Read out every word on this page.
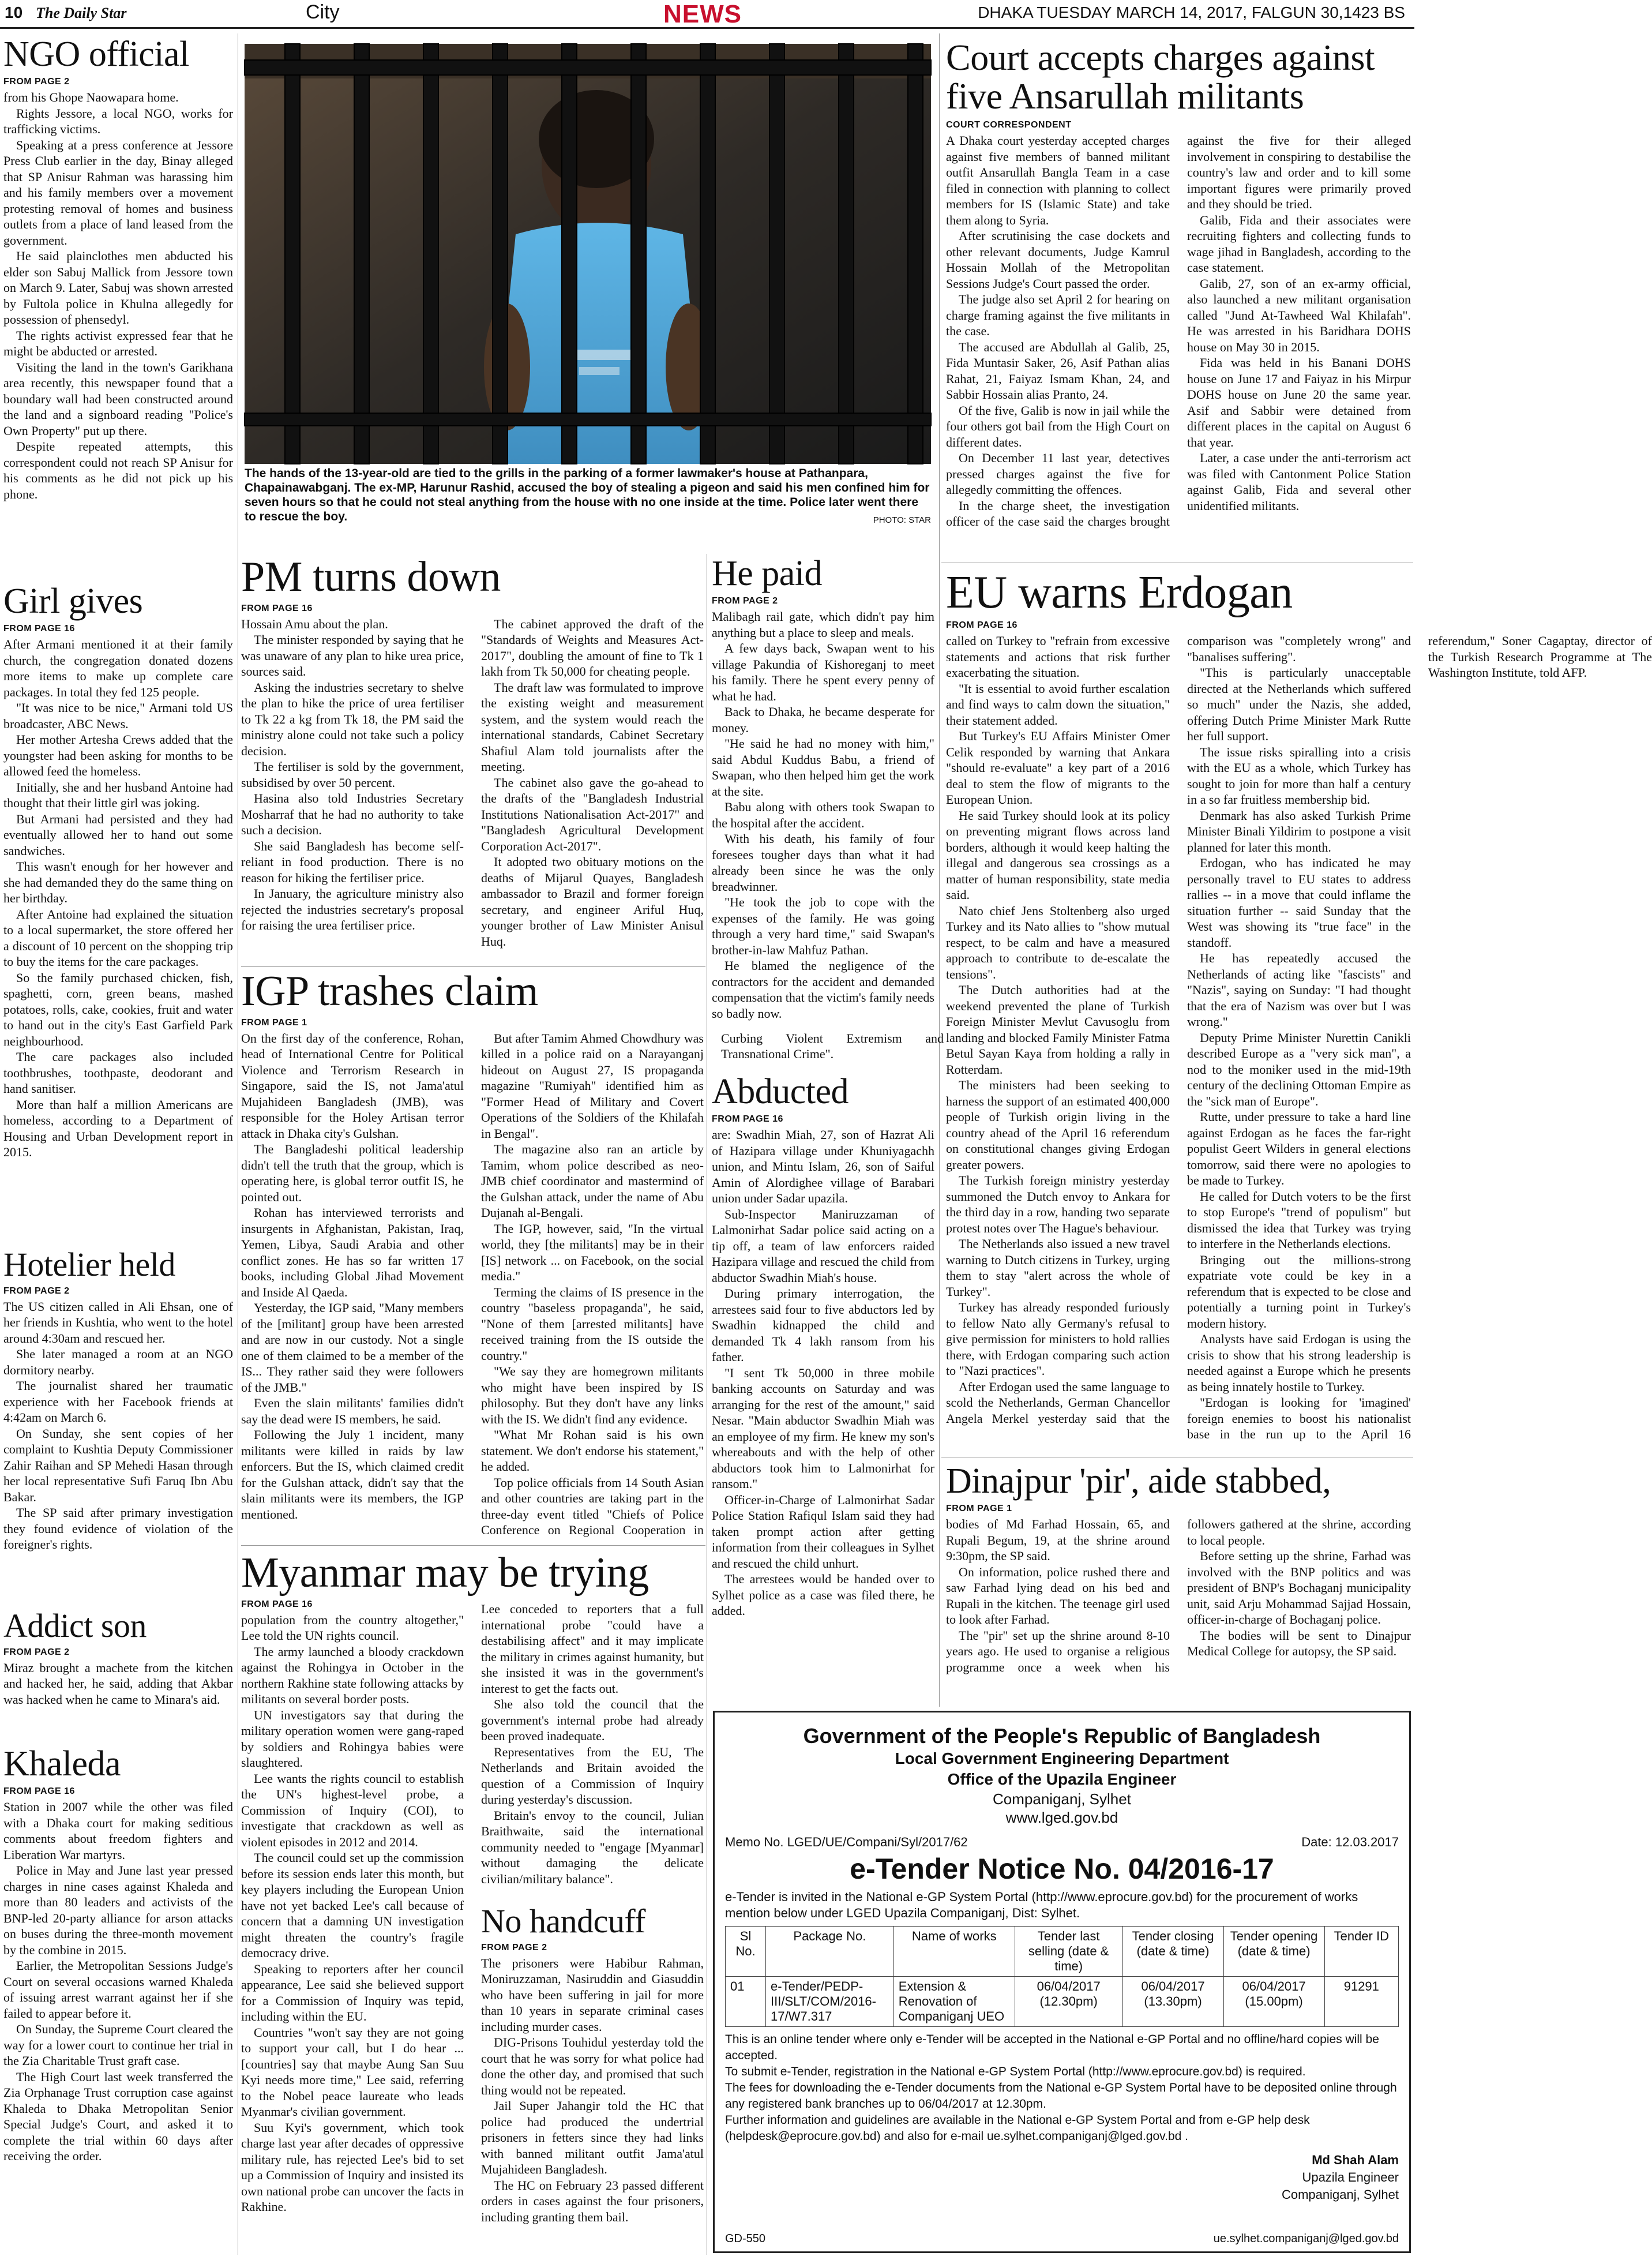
10 The Daily Star	City	NEWS	DHAKA TUESDAY MARCH 14, 2017, FALGUN 30,1423 BS
NGO official
FROM PAGE 2

from his Ghope Naowapara home.

Rights Jessore, a local NGO, works for trafficking victims.

Speaking at a press conference at Jessore Press Club earlier in the day, Binay alleged that SP Anisur Rahman was harassing him and his family members over a movement protesting removal of homes and business outlets from a place of land leased from the government.

He said plainclothes men abducted his elder son Sabuj Mallick from Jessore town on March 9. Later, Sabuj was shown arrested by Fultola police in Khulna allegedly for possession of phensedyl.

The rights activist expressed fear that he might be abducted or arrested.

Visiting the land in the town's Garikhana area recently, this newspaper found that a boundary wall had been constructed around the land and a signboard reading "Police's Own Property" put up there.

Despite repeated attempts, this correspondent could not reach SP Anisur for his comments as he did not pick up his phone.

Girl gives
FROM PAGE 16

After Armani mentioned it at their family church, the congregation donated dozens more items to make up complete care packages. In total they fed 125 people.

"It was nice to be nice," Armani told US broadcaster, ABC News.

Her mother Artesha Crews added that the youngster had been asking for months to be allowed feed the homeless.

Initially, she and her husband Antoine had thought that their little girl was joking.

But Armani had persisted and they had eventually allowed her to hand out some sandwiches.

This wasn't enough for her however and she had demanded they do the same thing on her birthday.

After Antoine had explained the situation to a local supermarket, the store offered her a discount of 10 percent on the shopping trip to buy the items for the care packages.

So the family purchased chicken, fish, spaghetti, corn, green beans, mashed potatoes, rolls, cake, cookies, fruit and water to hand out in the city's East Garfield Park neighbourhood.

The care packages also included toothbrushes, toothpaste, deodorant and hand sanitiser.

More than half a million Americans are homeless, according to a Department of Housing and Urban Development report in 2015.

Hotelier held
FROM PAGE 2

The US citizen called in Ali Ehsan, one of her friends in Kushtia, who went to the hotel around 4:30am and rescued her.

She later managed a room at an NGO dormitory nearby.

The journalist shared her traumatic experience with her Facebook friends at 4:42am on March 6.

On Sunday, she sent copies of her complaint to Kushtia Deputy Commissioner Zahir Raihan and SP Mehedi Hasan through her local representative Sufi Faruq Ibn Abu Bakar.

The SP said after primary investigation they found evidence of violation of the foreigner's rights.

Addict son
FROM PAGE 2

Miraz brought a machete from the kitchen and hacked her, he said, adding that Akbar was hacked when he came to Minara's aid.

Khaleda
FROM PAGE 16

Station in 2007 while the other was filed with a Dhaka court for making seditious comments about freedom fighters and Liberation War martyrs.

Police in May and June last year pressed charges in nine cases against Khaleda and more than 80 leaders and activists of the BNP-led 20-party alliance for arson attacks on buses during the three-month movement by the combine in 2015.

Earlier, the Metropolitan Sessions Judge's Court on several occasions warned Khaleda of issuing arrest warrant against her if she failed to appear before it.

On Sunday, the Supreme Court cleared the way for a lower court to continue her trial in the Zia Charitable Trust graft case.

The High Court last week transferred the Zia Orphanage Trust corruption case against Khaleda to Dhaka Metropolitan Senior Special Judge's Court, and asked it to complete the trial within 60 days after receiving the order.

The hands of the 13-year-old are tied to the grills in the parking of a former lawmaker's house at Pathanpara, Chapainawabganj. The ex-MP, Harunur Rashid, accused the boy of stealing a pigeon and said his men confined him for seven hours so that he could not steal anything from the house with no one inside at the time. Police later went there to rescue the boy.	PHOTO: STAR
PM turns down
FROM PAGE 16

Hossain Amu about the plan.

The minister responded by saying that he was unaware of any plan to hike urea price, sources said.

Asking the industries secretary to shelve the plan to hike the price of urea fertiliser to Tk 22 a kg from Tk 18, the PM said the ministry alone could not take such a policy decision.

The fertiliser is sold by the government, subsidised by over 50 percent.

Hasina also told Industries Secretary Mosharraf that he had no authority to take such a decision.

She said Bangladesh has become self-reliant in food production. There is no reason for hiking the fertiliser price.

In January, the agriculture ministry also rejected the industries secretary's proposal for raising the urea fertiliser price.

The cabinet approved the draft of the "Standards of Weights and Measures Act-2017", doubling the amount of fine to Tk 1 lakh from Tk 50,000 for cheating people.

The draft law was formulated to improve the existing weight and measurement system, and the system would reach the international standards, Cabinet Secretary Shafiul Alam told journalists after the meeting.

The cabinet also gave the go-ahead to the drafts of the "Bangladesh Industrial Institutions Nationalisation Act-2017" and "Bangladesh Agricultural Development Corporation Act-2017".

It adopted two obituary motions on the deaths of Mijarul Quayes, Bangladesh ambassador to Brazil and former foreign secretary, and engineer Ariful Huq, younger brother of Law Minister Anisul Huq.

IGP trashes claim
FROM PAGE 1

On the first day of the conference, Rohan, head of International Centre for Political Violence and Terrorism Research in Singapore, said the IS, not Jama'atul Mujahideen Bangladesh (JMB), was responsible for the Holey Artisan terror attack in Dhaka city's Gulshan.

The Bangladeshi political leadership didn't tell the truth that the group, which is operating here, is global terror outfit IS, he pointed out.

Rohan has interviewed terrorists and insurgents in Afghanistan, Pakistan, Iraq, Yemen, Libya, Saudi Arabia and other conflict zones. He has so far written 17 books, including Global Jihad Movement and Inside Al Qaeda.

Yesterday, the IGP said, "Many members of the [militant] group have been arrested and are now in our custody. Not a single one of them claimed to be a member of the IS... They rather said they were followers of the JMB."

Even the slain militants' families didn't say the dead were IS members, he said.

Following the July 1 incident, many militants were killed in raids by law enforcers. But the IS, which claimed credit for the Gulshan attack, didn't say that the slain militants were its members, the IGP mentioned.

But after Tamim Ahmed Chowdhury was killed in a police raid on a Narayanganj hideout on August 27, IS propaganda magazine "Rumiyah" identified him as "Former Head of Military and Covert Operations of the Soldiers of the Khilafah in Bengal".

The magazine also ran an article by Tamim, whom police described as neo-JMB chief coordinator and mastermind of the Gulshan attack, under the name of Abu Dujanah al-Bengali.

The IGP, however, said, "In the virtual world, they [the militants] may be in their [IS] network ... on Facebook, on the social media."

Terming the claims of IS presence in the country "baseless propaganda", he said, "None of them [arrested militants] have received training from the IS outside the country."

"We say they are homegrown militants who might have been inspired by IS philosophy. But they don't have any links with the IS. We didn't find any evidence.

"What Mr Rohan said is his own statement. We don't endorse his statement," he added.

Top police officials from 14 South Asian and other countries are taking part in the three-day event titled "Chiefs of Police Conference on Regional Cooperation in Curbing Violent Extremism and Transnational Crime".

Myanmar may be trying
FROM PAGE 16

population from the country altogether," Lee told the UN rights council.

The army launched a bloody crackdown against the Rohingya in October in the northern Rakhine state following attacks by militants on several border posts.

UN investigators say that during the military operation women were gang-raped by soldiers and Rohingya babies were slaughtered.

Lee wants the rights council to establish the UN's highest-level probe, a Commission of Inquiry (COI), to investigate that crackdown as well as violent episodes in 2012 and 2014.

The council could set up the commission before its session ends later this month, but key players including the European Union have not yet backed Lee's call because of concern that a damning UN investigation might threaten the country's fragile democracy drive.

Speaking to reporters after her council appearance, Lee said she believed support for a Commission of Inquiry was tepid, including within the EU.

Countries "won't say they are not going to support your call, but I do hear ... [countries] say that maybe Aung San Suu Kyi needs more time," Lee said, referring to the Nobel peace laureate who leads Myanmar's civilian government.

Suu Kyi's government, which took charge last year after decades of oppressive military rule, has rejected Lee's bid to set up a Commission of Inquiry and insisted its own national probe can uncover the facts in Rakhine.

Lee conceded to reporters that a full international probe "could have a destabilising affect" and it may implicate the military in crimes against humanity, but she insisted it was in the government's interest to get the facts out.

She also told the council that the government's internal probe had already been proved inadequate.

Representatives from the EU, The Netherlands and Britain avoided the question of a Commission of Inquiry during yesterday's discussion.

Britain's envoy to the council, Julian Braithwaite, said the international community needed to "engage [Myanmar] without damaging the delicate civilian/military balance".

No handcuff
FROM PAGE 2

The prisoners were Habibur Rahman, Moniruzzaman, Nasiruddin and Giasuddin who have been suffering in jail for more than 10 years in separate criminal cases including murder cases.

DIG-Prisons Touhidul yesterday told the court that he was sorry for what police had done the other day, and promised that such thing would not be repeated.

Jail Super Jahangir told the HC that police had produced the undertrial prisoners in fetters since they had links with banned militant outfit Jama'atul Mujahideen Bangladesh.

The HC on February 23 passed different orders in cases against the four prisoners, including granting them bail.

He paid
FROM PAGE 2

Malibagh rail gate, which didn't pay him anything but a place to sleep and meals.

A few days back, Swapan went to his village Pakundia of Kishoreganj to meet his family. There he spent every penny of what he had.

Back to Dhaka, he became desperate for money.

"He said he had no money with him," said Abdul Kuddus Babu, a friend of Swapan, who then helped him get the work at the site.

Babu along with others took Swapan to the hospital after the accident.

With his death, his family of four foresees tougher days than what it had already been since he was the only breadwinner.

"He took the job to cope with the expenses of the family. He was going through a very hard time," said Swapan's brother-in-law Mahfuz Pathan.

He blamed the negligence of the contractors for the accident and demanded compensation that the victim's family needs so badly now.

Abducted
FROM PAGE 16

are: Swadhin Miah, 27, son of Hazrat Ali of Hazipara village under Khuniyagachh union, and Mintu Islam, 26, son of Saiful Amin of Alordighee village of Barabari union under Sadar upazila.

Sub-Inspector Maniruzzaman of Lalmonirhat Sadar police said acting on a tip off, a team of law enforcers raided Hazipara village and rescued the child from abductor Swadhin Miah's house.

During primary interrogation, the arrestees said four to five abductors led by Swadhin kidnapped the child and demanded Tk 4 lakh ransom from his father.

"I sent Tk 50,000 in three mobile banking accounts on Saturday and was arranging for the rest of the amount," said Nesar. "Main abductor Swadhin Miah was an employee of my firm. He knew my son's whereabouts and with the help of other abductors took him to Lalmonirhat for ransom."

Officer-in-Charge of Lalmonirhat Sadar Police Station Rafiqul Islam said they had taken prompt action after getting information from their colleagues in Sylhet and rescued the child unhurt.

The arrestees would be handed over to Sylhet police as a case was filed there, he added.

Court accepts charges against five Ansarullah militants
COURT CORRESPONDENT

A Dhaka court yesterday accepted charges against five members of banned militant outfit Ansarullah Bangla Team in a case filed in connection with planning to collect members for IS (Islamic State) and take them along to Syria.

After scrutinising the case dockets and other relevant documents, Judge Kamrul Hossain Mollah of the Metropolitan Sessions Judge's Court passed the order.

The judge also set April 2 for hearing on charge framing against the five militants in the case.

The accused are Abdullah al Galib, 25, Fida Muntasir Saker, 26, Asif Pathan alias Rahat, 21, Faiyaz Ismam Khan, 24, and Sabbir Hossain alias Pranto, 24.

Of the five, Galib is now in jail while the four others got bail from the High Court on different dates.

On December 11 last year, detectives pressed charges against the five for allegedly committing the offences.

In the charge sheet, the investigation officer of the case said the charges brought against the five for their alleged involvement in conspiring to destabilise the country's law and order and to kill some important figures were primarily proved and they should be tried.

Galib, Fida and their associates were recruiting fighters and collecting funds to wage jihad in Bangladesh, according to the case statement.

Galib, 27, son of an ex-army official, also launched a new militant organisation called "Jund At-Tawheed Wal Khilafah". He was arrested in his Baridhara DOHS house on May 30 in 2015.

Fida was held in his Banani DOHS house on June 17 and Faiyaz in his Mirpur DOHS house on June 20 the same year. Asif and Sabbir were detained from different places in the capital on August 6 that year.

Later, a case under the anti-terrorism act was filed with Cantonment Police Station against Galib, Fida and several other unidentified militants.

EU warns Erdogan
FROM PAGE 16

called on Turkey to "refrain from excessive statements and actions that risk further exacerbating the situation.

"It is essential to avoid further escalation and find ways to calm down the situation," their statement added.

But Turkey's EU Affairs Minister Omer Celik responded by warning that Ankara "should re-evaluate" a key part of a 2016 deal to stem the flow of migrants to the European Union.

He said Turkey should look at its policy on preventing migrant flows across land borders, although it would keep halting the illegal and dangerous sea crossings as a matter of human responsibility, state media said.

Nato chief Jens Stoltenberg also urged Turkey and its Nato allies to "show mutual respect, to be calm and have a measured approach to contribute to de-escalate the tensions".

The Dutch authorities had at the weekend prevented the plane of Turkish Foreign Minister Mevlut Cavusoglu from landing and blocked Family Minister Fatma Betul Sayan Kaya from holding a rally in Rotterdam.

The ministers had been seeking to harness the support of an estimated 400,000 people of Turkish origin living in the country ahead of the April 16 referendum on constitutional changes giving Erdogan greater powers.

The Turkish foreign ministry yesterday summoned the Dutch envoy to Ankara for the third day in a row, handing two separate protest notes over The Hague's behaviour.

The Netherlands also issued a new travel warning to Dutch citizens in Turkey, urging them to stay "alert across the whole of Turkey".

Turkey has already responded furiously to fellow Nato ally Germany's refusal to give permission for ministers to hold rallies there, with Erdogan comparing such action to "Nazi practices".

After Erdogan used the same language to scold the Netherlands, German Chancellor Angela Merkel yesterday said that the comparison was "completely wrong" and "banalises suffering".

"This is particularly unacceptable directed at the Netherlands which suffered so much" under the Nazis, she added, offering Dutch Prime Minister Mark Rutte her full support.

The issue risks spiralling into a crisis with the EU as a whole, which Turkey has sought to join for more than half a century in a so far fruitless membership bid.

Denmark has also asked Turkish Prime Minister Binali Yildirim to postpone a visit planned for later this month.

Erdogan, who has indicated he may personally travel to EU states to address rallies -- in a move that could inflame the situation further -- said Sunday that the West was showing its "true face" in the standoff.

He has repeatedly accused the Netherlands of acting like "fascists" and "Nazis", saying on Sunday: "I had thought that the era of Nazism was over but I was wrong."

Deputy Prime Minister Nurettin Canikli described Europe as a "very sick man", a nod to the moniker used in the mid-19th century of the declining Ottoman Empire as the "sick man of Europe".

Rutte, under pressure to take a hard line against Erdogan as he faces the far-right populist Geert Wilders in general elections tomorrow, said there were no apologies to be made to Turkey.

He called for Dutch voters to be the first to stop Europe's "trend of populism" but dismissed the idea that Turkey was trying to interfere in the Netherlands elections.

Bringing out the millions-strong expatriate vote could be key in a referendum that is expected to be close and potentially a turning point in Turkey's modern history.

Analysts have said Erdogan is using the crisis to show that his strong leadership is needed against a Europe which he presents as being innately hostile to Turkey.

"Erdogan is looking for 'imagined' foreign enemies to boost his nationalist base in the run up to the April 16 referendum," Soner Cagaptay, director of the Turkish Research Programme at The Washington Institute, told AFP.

Dinajpur 'pir', aide stabbed,
FROM PAGE 1

bodies of Md Farhad Hossain, 65, and Rupali Begum, 19, at the shrine around 9:30pm, the SP said.

On information, police rushed there and saw Farhad lying dead on his bed and Rupali in the kitchen. The teenage girl used to look after Farhad.

The "pir" set up the shrine around 8-10 years ago. He used to organise a religious programme once a week when his followers gathered at the shrine, according to local people.

Before setting up the shrine, Farhad was involved with the BNP politics and was president of BNP's Bochaganj municipality unit, said Arju Mohammad Sajjad Hossain, officer-in-charge of Bochaganj police.

The bodies will be sent to Dinajpur Medical College for autopsy, the SP said.

Government of the People's Republic of Bangladesh
Local Government Engineering Department
Office of the Upazila Engineer
Companiganj, Sylhet
www.lged.gov.bd
Memo No. LGED/UE/Compani/Syl/2017/62	Date: 12.03.2017
e-Tender Notice No. 04/2016-17
e-Tender is invited in the National e-GP System Portal (http://www.eprocure.gov.bd) for the procurement of works mention below under LGED Upazila Companiganj, Dist: Sylhet.
Sl No.	Package No.	Name of works	Tender last selling (date & time)	Tender closing (date & time)	Tender opening (date & time)	Tender ID
01	e-Tender/PEDP-III/SLT/COM/2016-17/W7.317	Extension & Renovation of Companiganj UEO	06/04/2017 (12.30pm)	06/04/2017 (13.30pm)	06/04/2017 (15.00pm)	91291

This is an online tender where only e-Tender will be accepted in the National e-GP Portal and no offline/hard copies will be accepted.

To submit e-Tender, registration in the National e-GP System Portal (http://www.eprocure.gov.bd) is required.

The fees for downloading the e-Tender documents from the National e-GP System Portal have to be deposited online through any registered bank branches up to 06/04/2017 at 12.30pm.

Further information and guidelines are available in the National e-GP System Portal and from e-GP help desk (helpdesk@eprocure.gov.bd) and also for e-mail ue.sylhet.companiganj@lged.gov.bd .

Md Shah Alam
Upazila Engineer
Companiganj, Sylhet
GD-550	ue.sylhet.companiganj@lged.gov.bd
